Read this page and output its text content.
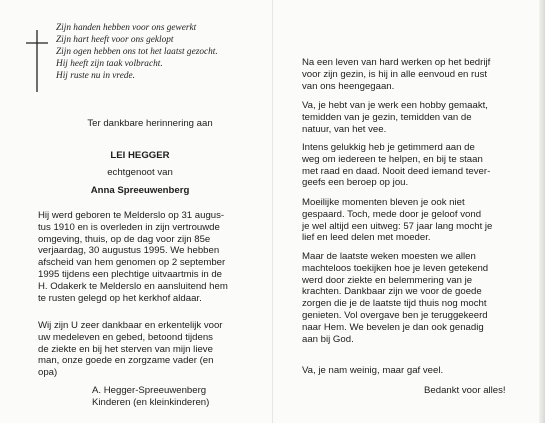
Zijn handen hebben voor ons gewerkt
Zijn hart heeft voor ons geklopt
Zijn ogen hebben ons tot het laatst gezocht.
Hij heeft zijn taak volbracht.
Hij ruste nu in vrede.
Ter dankbare herinnering aan
LEI HEGGER
echtgenoot van
Anna Spreeuwenberg
Hij werd geboren te Melderslo op 31 augus-
tus 1910 en is overleden in zijn vertrouwde
omgeving, thuis, op de dag voor zijn 85e
verjaardag, 30 augustus 1995. We hebben
afscheid van hem genomen op 2 september
1995 tijdens een plechtige uitvaartmis in de
H. Odakerk te Melderslo en aansluitend hem
te rusten gelegd op het kerkhof aldaar.
Wij zijn U zeer dankbaar en erkentelijk voor
uw medeleven en gebed, betoond tijdens
de ziekte en bij het sterven van mijn lieve
man, onze goede en zorgzame vader (en
opa)
A. Hegger-Spreeuwenberg
Kinderen (en kleinkinderen)
Na een leven van hard werken op het bedrijf
voor zijn gezin, is hij in alle eenvoud en rust
van ons heengegaan.
Va, je hebt van je werk een hobby gemaakt,
temidden van je gezin, temidden van de
natuur, van het vee.
Intens gelukkig heb je getimmerd aan de
weg om iedereen te helpen, en bij te staan
met raad en daad. Nooit deed iemand tever-
geefs een beroep op jou.
Moeilijke momenten bleven je ook niet
gespaard. Toch, mede door je geloof vond
je wel altijd een uitweg: 57 jaar lang mocht je
lief en leed delen met moeder.
Maar de laatste weken moesten we allen
machteloos toekijken hoe je leven getekend
werd door ziekte en belemmering van je
krachten. Dankbaar zijn we voor de goede
zorgen die je de laatste tijd thuis nog mocht
genieten. Vol overgave ben je teruggekeerd
naar Hem. We bevelen je dan ook genadig
aan bij God.
Va, je nam weinig, maar gaf veel.
Bedankt voor alles!
